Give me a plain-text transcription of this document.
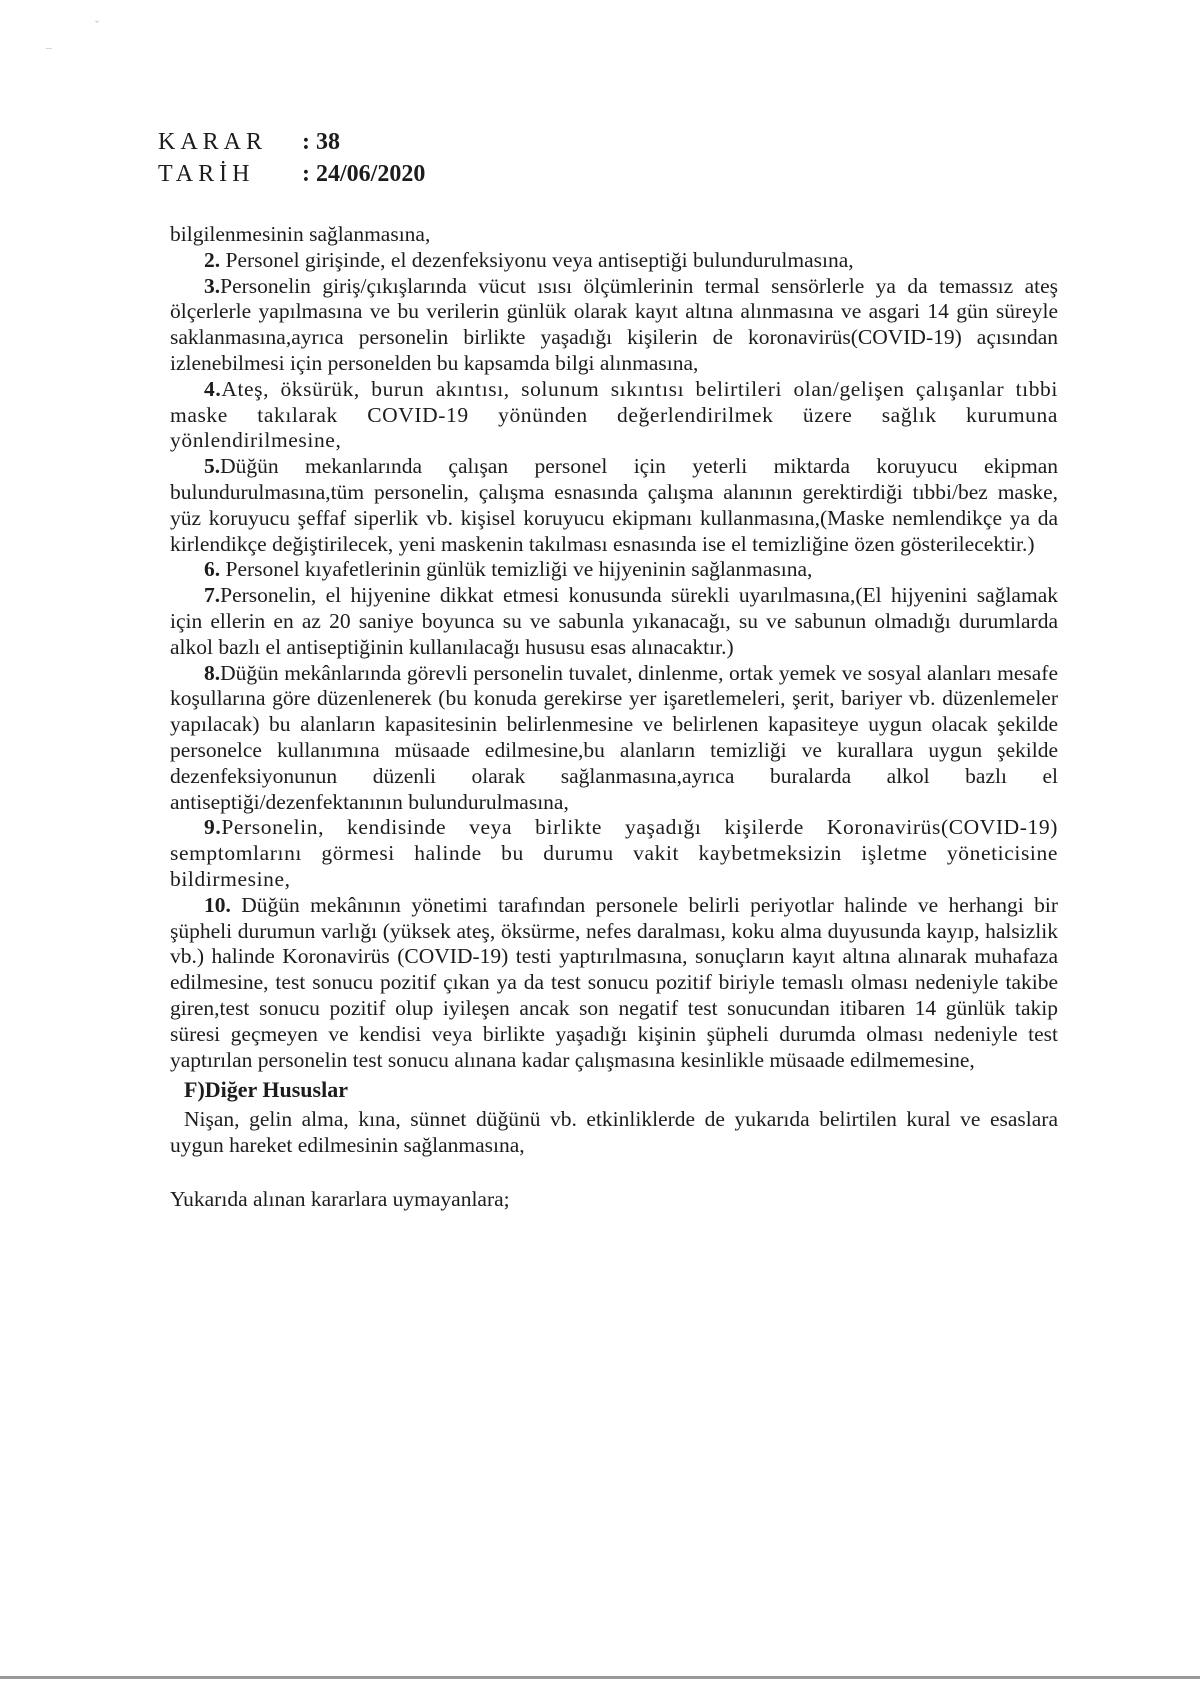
ˇ
–
KARAR	: 38
TARİH	: 24/06/2020

bilgilenmesinin sağlanmasına,

2. Personel girişinde, el dezenfeksiyonu veya antiseptiği bulundurulmasına,

3.Personelin giriş/çıkışlarında vücut ısısı ölçümlerinin termal sensörlerle ya da temassız ateş ölçerlerle yapılmasına ve bu verilerin günlük olarak kayıt altına alınmasına ve asgari 14 gün süreyle saklanmasına,ayrıca personelin birlikte yaşadığı kişilerin de koronavirüs(COVID-19) açısından izlenebilmesi için personelden bu kapsamda bilgi alınmasına,

4.Ateş, öksürük, burun akıntısı, solunum sıkıntısı belirtileri olan/gelişen çalışanlar tıbbi maske takılarak COVID-19 yönünden değerlendirilmek üzere sağlık kurumuna yönlendirilmesine,

5.Düğün mekanlarında çalışan personel için yeterli miktarda koruyucu ekipman bulundurulmasına,tüm personelin, çalışma esnasında çalışma alanının gerektirdiği tıbbi/bez maske, yüz koruyucu şeffaf siperlik vb. kişisel koruyucu ekipmanı kullanmasına,(Maske nemlendikçe ya da kirlendikçe değiştirilecek, yeni maskenin takılması esnasında ise el temizliğine özen gösterilecektir.)

6. Personel kıyafetlerinin günlük temizliği ve hijyeninin sağlanmasına,

7.Personelin, el hijyenine dikkat etmesi konusunda sürekli uyarılmasına,(El hijyenini sağlamak için ellerin en az 20 saniye boyunca su ve sabunla yıkanacağı, su ve sabunun olmadığı durumlarda alkol bazlı el antiseptiğinin kullanılacağı hususu esas alınacaktır.)

8.Düğün mekânlarında görevli personelin tuvalet, dinlenme, ortak yemek ve sosyal alanları mesafe koşullarına göre düzenlenerek (bu konuda gerekirse yer işaretlemeleri, şerit, bariyer vb. düzenlemeler yapılacak) bu alanların kapasitesinin belirlenmesine ve belirlenen kapasiteye uygun olacak şekilde personelce kullanımına müsaade edilmesine,bu alanların temizliği ve kurallara uygun şekilde dezenfeksiyonunun düzenli olarak sağlanmasına,ayrıca buralarda alkol bazlı el antiseptiği/dezenfektanının bulundurulmasına,

9.Personelin, kendisinde veya birlikte yaşadığı kişilerde Koronavirüs(COVID-19) semptomlarını görmesi halinde bu durumu vakit kaybetmeksizin işletme yöneticisine bildirmesine,

10. Düğün mekânının yönetimi tarafından personele belirli periyotlar halinde ve herhangi bir şüpheli durumun varlığı (yüksek ateş, öksürme, nefes daralması, koku alma duyusunda kayıp, halsizlik vb.) halinde Koronavirüs (COVID-19) testi yaptırılmasına, sonuçların kayıt altına alınarak muhafaza edilmesine, test sonucu pozitif çıkan ya da test sonucu pozitif biriyle temaslı olması nedeniyle takibe giren,test sonucu pozitif olup iyileşen ancak son negatif test sonucundan itibaren 14 günlük takip süresi geçmeyen ve kendisi veya birlikte yaşadığı kişinin şüpheli durumda olması nedeniyle test yaptırılan personelin test sonucu alınana kadar çalışmasına kesinlikle müsaade edilmemesine,

F)Diğer Hususlar

Nişan, gelin alma, kına, sünnet düğünü vb. etkinliklerde de yukarıda belirtilen kural ve esaslara uygun hareket edilmesinin sağlanmasına,

Yukarıda alınan kararlara uymayanlara;
